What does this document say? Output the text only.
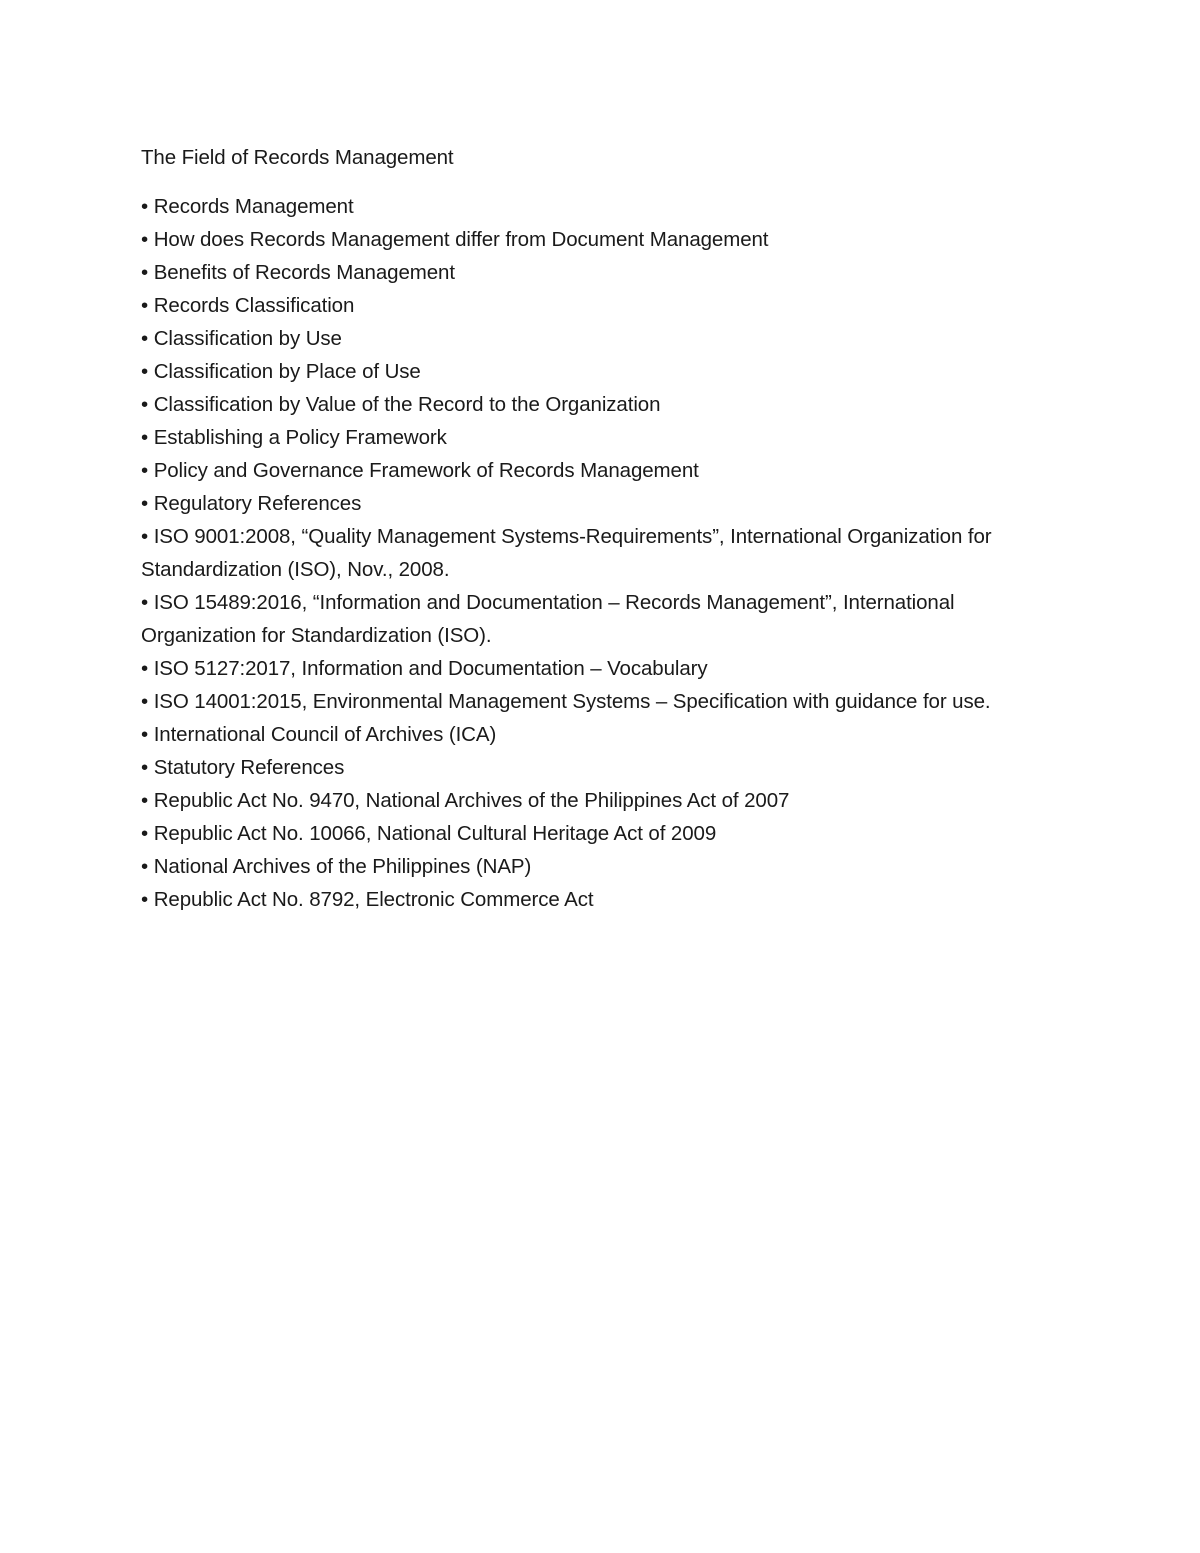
The Field of Records Management

• Records Management
• How does Records Management differ from Document Management
• Benefits of Records Management
• Records Classification
• Classification by Use
• Classification by Place of Use
• Classification by Value of the Record to the Organization
• Establishing a Policy Framework
• Policy and Governance Framework of Records Management
• Regulatory References
• ISO 9001:2008, “Quality Management Systems-Requirements”, International Organization for Standardization (ISO), Nov., 2008.
• ISO 15489:2016, “Information and Documentation – Records Management”, International Organization for Standardization (ISO).
• ISO 5127:2017, Information and Documentation – Vocabulary
• ISO 14001:2015, Environmental Management Systems – Specification with guidance for use.
• International Council of Archives (ICA)
• Statutory References
• Republic Act No. 9470, National Archives of the Philippines Act of 2007
• Republic Act No. 10066, National Cultural Heritage Act of 2009
• National Archives of the Philippines (NAP)
• Republic Act No. 8792, Electronic Commerce Act
